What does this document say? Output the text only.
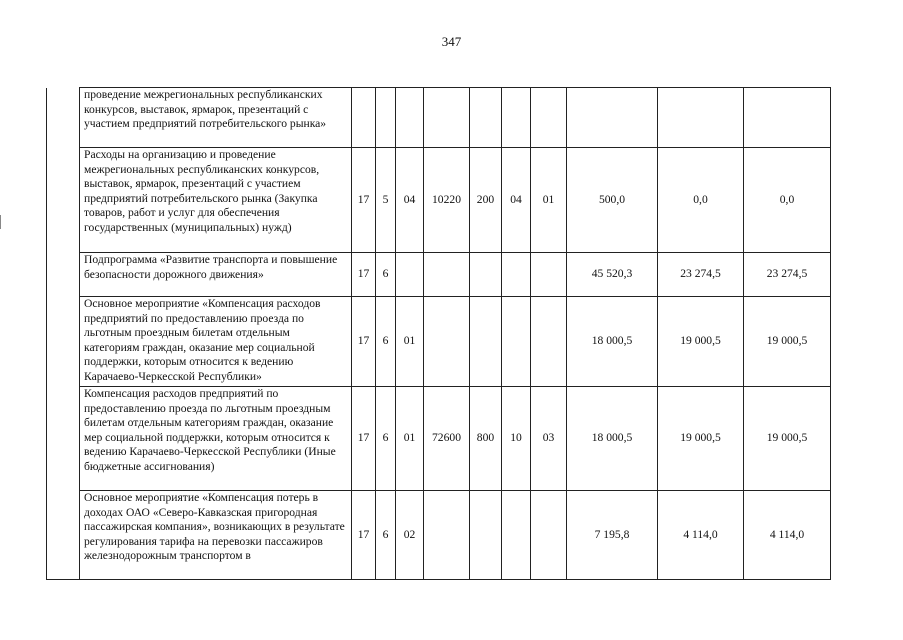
347
	проведение межрегиональных республиканских конкурсов, выставок, ярмарок, презентаций с участием предприятий потребительского рынка»										
	Расходы на организацию и проведение межрегиональных республиканских конкурсов, выставок, ярмарок, презентаций с участием предприятий потребительского рынка (Закупка товаров, работ и услуг для обеспечения государственных (муниципальных) нужд)	17	5	04	10220	200	04	01	500,0	0,0	0,0
	Подпрограмма «Развитие транспорта и повышение безопасности дорожного движения»	17	6						45 520,3	23 274,5	23 274,5
	Основное мероприятие «Компенсация расходов предприятий по предоставлению проезда по льготным проездным билетам отдельным категориям граждан, оказание мер социальной поддержки, которым относится к ведению Карачаево-Черкесской Республики»	17	6	01					18 000,5	19 000,5	19 000,5
	Компенсация расходов предприятий по предоставлению проезда по льготным проездным билетам отдельным категориям граждан, оказание мер социальной поддержки, которым относится к ведению Карачаево-Черкесской Республики (Иные бюджетные ассигнования)	17	6	01	72600	800	10	03	18 000,5	19 000,5	19 000,5

	Основное мероприятие «Компенсация потерь в доходах ОАО «Северо-Кавказская пригородная пассажирская компания», возникающих в результате регулирования тарифа на перевозки пассажиров железнодорожным транспортом в	17	6	02					7 195,8	4 114,0	4 114,0
